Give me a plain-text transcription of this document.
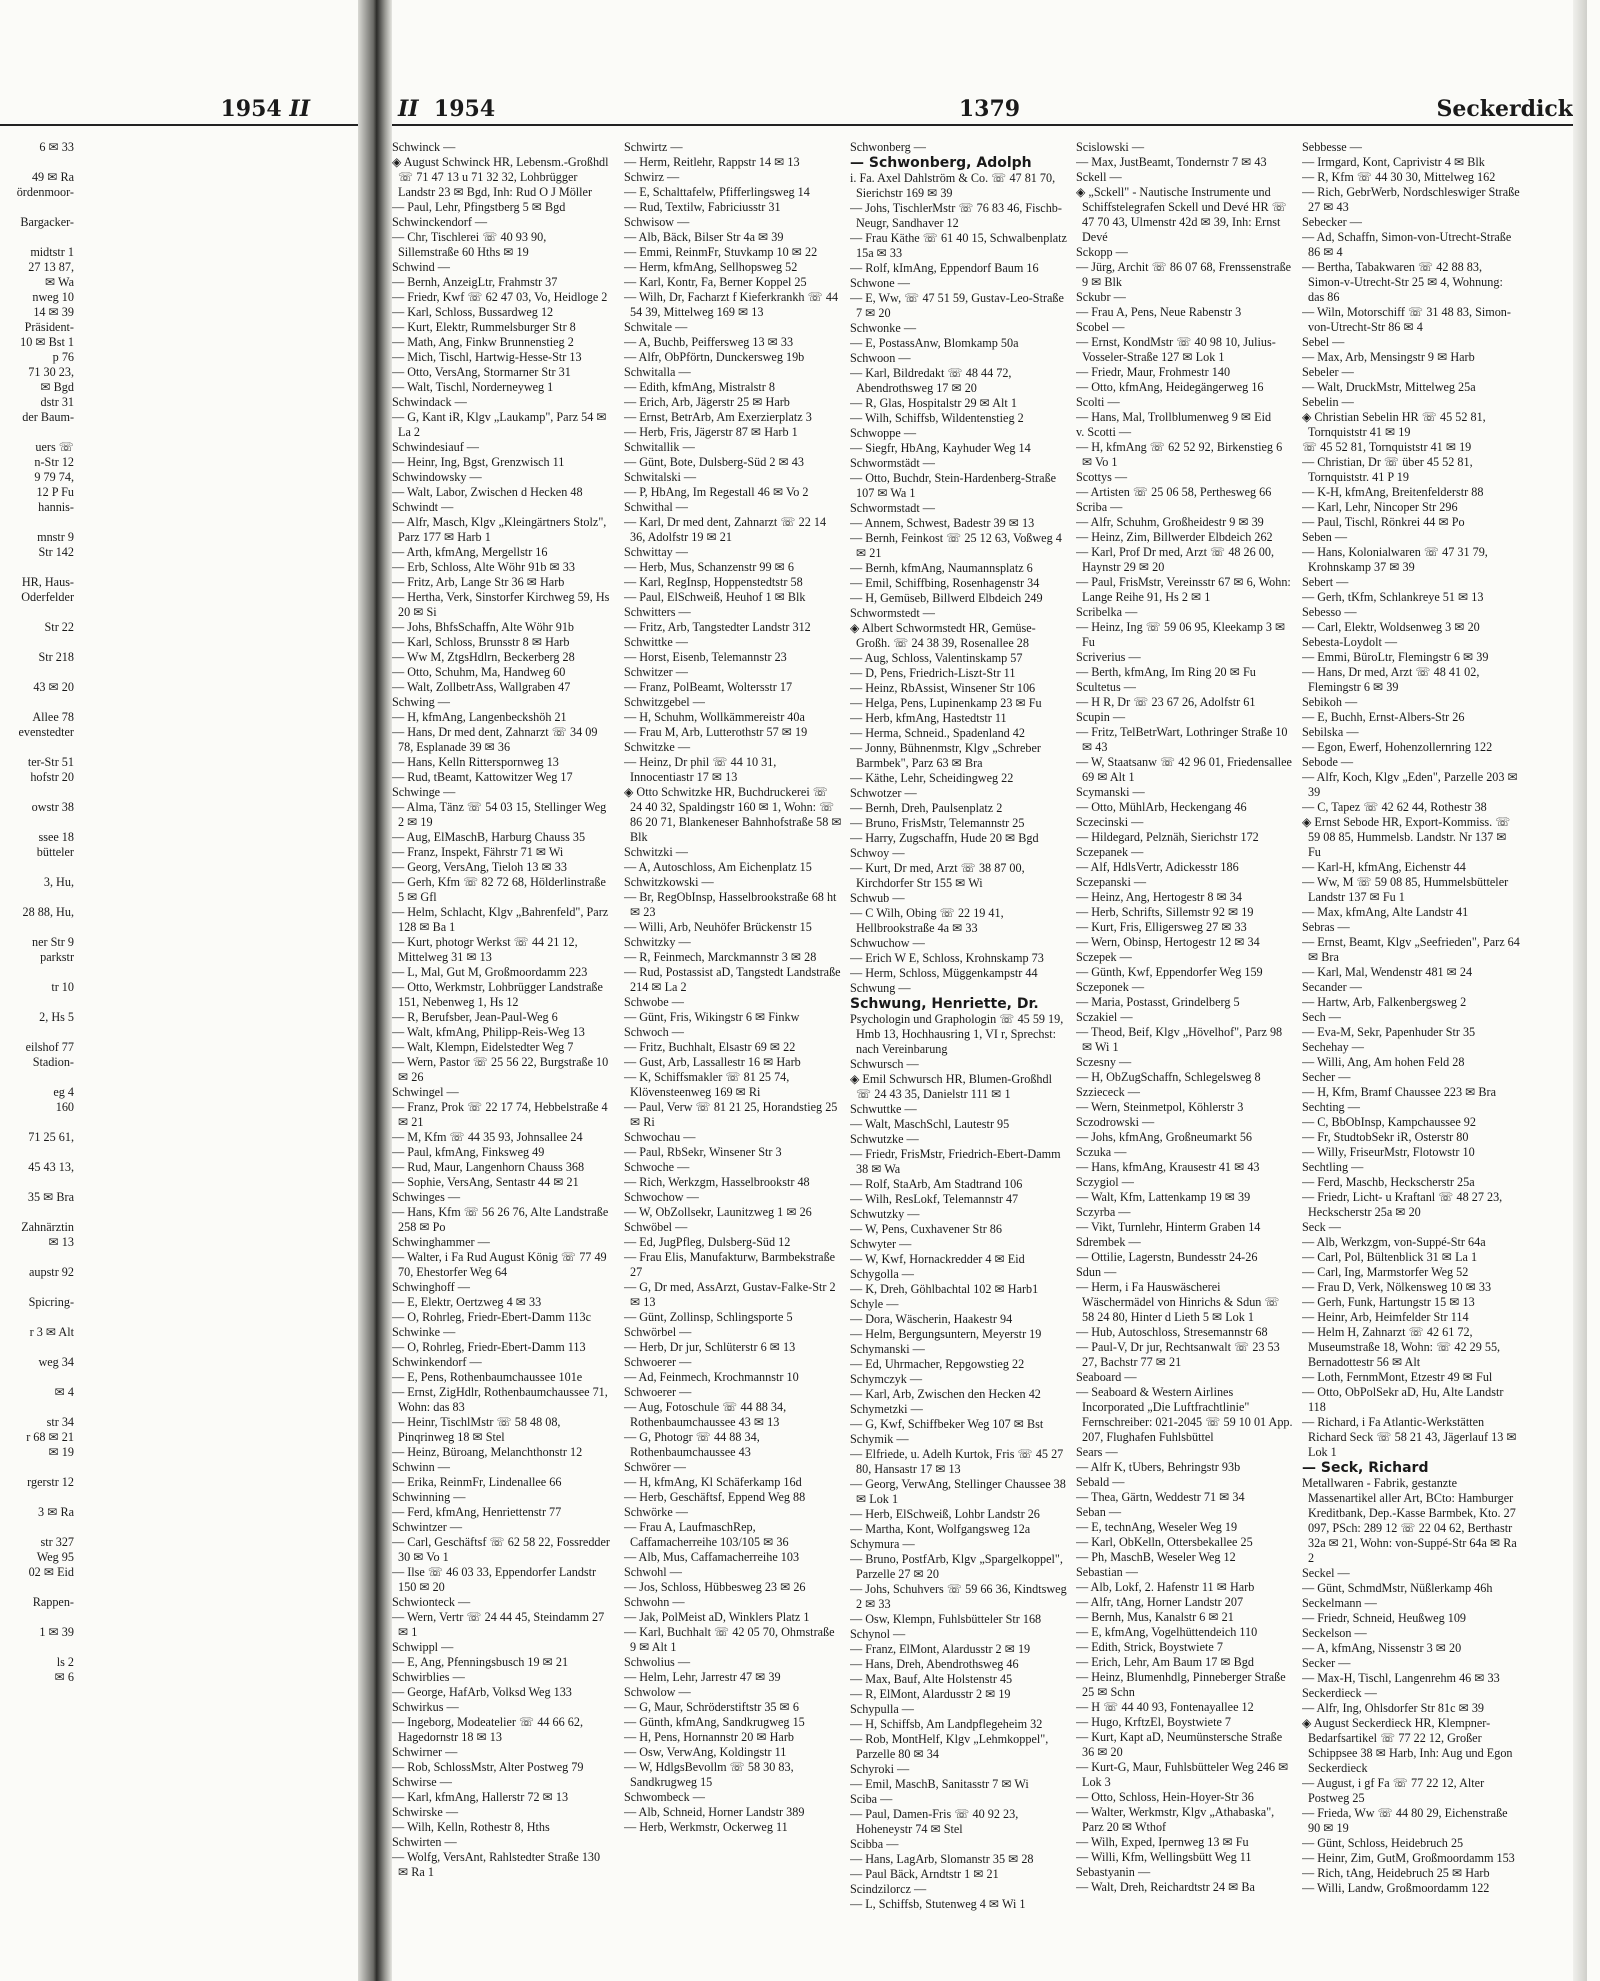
1954 II
6 ✉ 33

49 ✉ Ra
ördenmoor-

Bargacker-

midtstr 1
27 13 87,
✉ Wa
nweg 10
14 ✉ 39
Präsident-
10 ✉ Bst 1
p 76
71 30 23,
✉ Bgd
dstr 31
der Baum-

uers ☏
n-Str 12
9 79 74,
12 P Fu
hannis-

mnstr 9
Str 142

HR, Haus-
Oderfelder

Str 22

Str 218

43 ✉ 20

Allee 78
evenstedter

ter-Str 51
hofstr 20

owstr 38

ssee 18
bütteler

3, Hu,

28 88, Hu,

ner Str 9
parkstr

tr 10

2, Hs 5

eilshof 77
Stadion-

eg 4
160

71 25 61,

45 43 13,

35 ✉ Bra

Zahnärztin
✉ 13

aupstr 92

Spicring-

r 3 ✉ Alt

weg 34

✉ 4

str 34
r 68 ✉ 21
✉ 19

rgerstr 12

3 ✉ Ra

str 327
Weg 95
02 ✉ Eid

Rappen-

1 ✉ 39

ls 2
✉ 6
II 1954	1379	Seckerdick
Schwinck —
◈ August Schwinck HR, Lebensm.-Großhdl ☏ 71 47 13 u 71 32 32, Lohbrügger Landstr 23 ✉ Bgd, Inh: Rud O J Möller
— Paul, Lehr, Pfingstberg 5 ✉ Bgd
Schwinckendorf —
— Chr, Tischlerei ☏ 40 93 90, Sillemstraße 60 Hths ✉ 19
Schwind —
— Bernh, AnzeigLtr, Frahmstr 37
— Friedr, Kwf ☏ 62 47 03, Vo, Heidloge 2
— Karl, Schloss, Bussardweg 12
— Kurt, Elektr, Rummelsburger Str 8
— Math, Ang, Finkw Brunnenstieg 2
— Mich, Tischl, Hartwig-Hesse-Str 13
— Otto, VersAng, Stormarner Str 31
— Walt, Tischl, Norderneyweg 1
Schwindack —
— G, Kant iR, Klgv „Laukamp", Parz 54 ✉ La 2
Schwindesiauf —
— Heinr, Ing, Bgst, Grenzwisch 11
Schwindowsky —
— Walt, Labor, Zwischen d Hecken 48
Schwindt —
— Alfr, Masch, Klgv „Kleingärtners Stolz", Parz 177 ✉ Harb 1
— Arth, kfmAng, Mergellstr 16
— Erb, Schloss, Alte Wöhr 91b ✉ 33
— Fritz, Arb, Lange Str 36 ✉ Harb
— Hertha, Verk, Sinstorfer Kirchweg 59, Hs 20 ✉ Si
— Johs, BhfsSchaffn, Alte Wöhr 91b
— Karl, Schloss, Brunsstr 8 ✉ Harb
— Ww M, ZtgsHdlrn, Beckerberg 28
— Otto, Schuhm, Ma, Handweg 60
— Walt, ZollbetrAss, Wallgraben 47
Schwing —
— H, kfmAng, Langenbeckshöh 21
— Hans, Dr med dent, Zahnarzt ☏ 34 09 78, Esplanade 39 ✉ 36
— Hans, Kelln Ritterspornweg 13
— Rud, tBeamt, Kattowitzer Weg 17
Schwinge —
— Alma, Tänz ☏ 54 03 15, Stellinger Weg 2 ✉ 19
— Aug, ElMaschB, Harburg Chauss 35
— Franz, Inspekt, Fährstr 71 ✉ Wi
— Georg, VersAng, Tieloh 13 ✉ 33
— Gerh, Kfm ☏ 82 72 68, Hölderlinstraße 5 ✉ Gfl
— Helm, Schlacht, Klgv „Bahrenfeld", Parz 128 ✉ Ba 1
— Kurt, photogr Werkst ☏ 44 21 12, Mittelweg 31 ✉ 13
— L, Mal, Gut M, Großmoordamm 223
— Otto, Werkmstr, Lohbrügger Landstraße 151, Nebenweg 1, Hs 12
— R, Berufsber, Jean-Paul-Weg 6
— Walt, kfmAng, Philipp-Reis-Weg 13
— Walt, Klempn, Eidelstedter Weg 7
— Wern, Pastor ☏ 25 56 22, Burgstraße 10 ✉ 26
Schwingel —
— Franz, Prok ☏ 22 17 74, Hebbelstraße 4 ✉ 21
— M, Kfm ☏ 44 35 93, Johnsallee 24
— Paul, kfmAng, Finksweg 49
— Rud, Maur, Langenhorn Chauss 368
— Sophie, VersAng, Sentastr 44 ✉ 21
Schwinges —
— Hans, Kfm ☏ 56 26 76, Alte Landstraße 258 ✉ Po
Schwinghammer —
— Walter, i Fa Rud August König ☏ 77 49 70, Ehestorfer Weg 64
Schwinghoff —
— E, Elektr, Oertzweg 4 ✉ 33
— O, Rohrleg, Friedr-Ebert-Damm 113c
Schwinke —
— O, Rohrleg, Friedr-Ebert-Damm 113
Schwinkendorf —
— E, Pens, Rothenbaumchaussee 101e
— Ernst, ZigHdlr, Rothenbaumchaussee 71, Wohn: das 83
— Heinr, TischlMstr ☏ 58 48 08, Pinqrinweg 18 ✉ Stel
— Heinz, Büroang, Melanchthonstr 12
Schwinn —
— Erika, ReinmFr, Lindenallee 66
Schwinning —
— Ferd, kfmAng, Henriettenstr 77
Schwintzer —
— Carl, Geschäftsf ☏ 62 58 22, Fossredder 30 ✉ Vo 1
— Ilse ☏ 46 03 33, Eppendorfer Landstr 150 ✉ 20
Schwionteck —
— Wern, Vertr ☏ 24 44 45, Steindamm 27 ✉ 1
Schwippl —
— E, Ang, Pfenningsbusch 19 ✉ 21
Schwirblies —
— George, HafArb, Volksd Weg 133
Schwirkus —
— Ingeborg, Modeatelier ☏ 44 66 62, Hagedornstr 18 ✉ 13
Schwirner —
— Rob, SchlossMstr, Alter Postweg 79
Schwirse —
— Karl, kfmAng, Hallerstr 72 ✉ 13
Schwirske —
— Wilh, Kelln, Rothestr 8, Hths
Schwirten —
— Wolfg, VersAnt, Rahlstedter Straße 130 ✉ Ra 1
Schwirtz —
— Herm, Reitlehr, Rappstr 14 ✉ 13
Schwirz —
— E, Schalttafelw, Pfifferlingsweg 14
— Rud, Textilw, Fabriciusstr 31
Schwisow —
— Alb, Bäck, Bilser Str 4a ✉ 39
— Emmi, ReinmFr, Stuvkamp 10 ✉ 22
— Herm, kfmAng, Sellhopsweg 52
— Karl, Kontr, Fa, Berner Koppel 25
— Wilh, Dr, Facharzt f Kieferkrankh ☏ 44 54 39, Mittelweg 169 ✉ 13
Schwitale —
— A, Buchb, Peiffersweg 13 ✉ 33
— Alfr, ObPförtn, Dunckersweg 19b
Schwitalla —
— Edith, kfmAng, Mistralstr 8
— Erich, Arb, Jägerstr 25 ✉ Harb
— Ernst, BetrArb, Am Exerzierplatz 3
— Herb, Fris, Jägerstr 87 ✉ Harb 1
Schwitallik —
— Günt, Bote, Dulsberg-Süd 2 ✉ 43
Schwitalski —
— P, HbAng, Im Regestall 46 ✉ Vo 2
Schwithal —
— Karl, Dr med dent, Zahnarzt ☏ 22 14 36, Adolfstr 19 ✉ 21
Schwittay —
— Herb, Mus, Schanzenstr 99 ✉ 6
— Karl, RegInsp, Hoppenstedtstr 58
— Paul, ElSchweiß, Heuhof 1 ✉ Blk
Schwitters —
— Fritz, Arb, Tangstedter Landstr 312
Schwittke —
— Horst, Eisenb, Telemannstr 23
Schwitzer —
— Franz, PolBeamt, Woltersstr 17
Schwitzgebel —
— H, Schuhm, Wollkämmereistr 40a
— Frau M, Arb, Lutterothstr 57 ✉ 19
Schwitzke —
— Heinz, Dr phil ☏ 44 10 31, Innocentiastr 17 ✉ 13
◈ Otto Schwitzke HR, Buchdruckerei ☏ 24 40 32, Spaldingstr 160 ✉ 1, Wohn: ☏ 86 20 71, Blankeneser Bahnhofstraße 58 ✉ Blk
Schwitzki —
— A, Autoschloss, Am Eichenplatz 15
Schwitzkowski —
— Br, RegObInsp, Hasselbrookstraße 68 ht ✉ 23
— Willi, Arb, Neuhöfer Brückenstr 15
Schwitzky —
— R, Feinmech, Marckmannstr 3 ✉ 28
— Rud, Postassist aD, Tangstedt Landstraße 214 ✉ La 2
Schwobe —
— Günt, Fris, Wikingstr 6 ✉ Finkw
Schwoch —
— Fritz, Buchhalt, Elsastr 69 ✉ 22
— Gust, Arb, Lassallestr 16 ✉ Harb
— K, Schiffsmakler ☏ 81 25 74, Klövensteenweg 169 ✉ Ri
— Paul, Verw ☏ 81 21 25, Horandstieg 25 ✉ Ri
Schwochau —
— Paul, RbSekr, Winsener Str 3
Schwoche —
— Rich, Werkzgm, Hasselbrookstr 48
Schwochow —
— W, ObZollsekr, Launitzweg 1 ✉ 26
Schwöbel —
— Ed, JugPfleg, Dulsberg-Süd 12
— Frau Elis, Manufakturw, Barmbekstraße 27
— G, Dr med, AssArzt, Gustav-Falke-Str 2 ✉ 13
— Günt, Zollinsp, Schlingsporte 5
Schwörbel —
— Herb, Dr jur, Schlüterstr 6 ✉ 13
Schwoerer —
— Ad, Feinmech, Krochmannstr 10
Schwoerer —
— Aug, Fotoschule ☏ 44 88 34, Rothenbaumchaussee 43 ✉ 13
— G, Photogr ☏ 44 88 34, Rothenbaumchaussee 43
Schwörer —
— H, kfmAng, Kl Schäferkamp 16d
— Herb, Geschäftsf, Eppend Weg 88
Schwörke —
— Frau A, LaufmaschRep, Caffamacherreihe 103/105 ✉ 36
— Alb, Mus, Caffamacherreihe 103
Schwohl —
— Jos, Schloss, Hübbesweg 23 ✉ 26
Schwohn —
— Jak, PolMeist aD, Winklers Platz 1
— Karl, Buchhalt ☏ 42 05 70, Ohmstraße 9 ✉ Alt 1
Schwolius —
— Helm, Lehr, Jarrestr 47 ✉ 39
Schwolow —
— G, Maur, Schröderstiftstr 35 ✉ 6
— Günth, kfmAng, Sandkrugweg 15
— H, Pens, Hornannstr 20 ✉ Harb
— Osw, VerwAng, Koldingstr 11
— W, HdlgsBevollm ☏ 58 30 83, Sandkrugweg 15
Schwombeck —
— Alb, Schneid, Horner Landstr 389
— Herb, Werkmstr, Ockerweg 11
Schwonberg —
— Schwonberg, Adolph
i. Fa. Axel Dahlström & Co. ☏ 47 81 70, Sierichstr 169 ✉ 39
— Johs, TischlerMstr ☏ 76 83 46, Fischb-Neugr, Sandhaver 12
— Frau Käthe ☏ 61 40 15, Schwalbenplatz 15a ✉ 33
— Rolf, kImAng, Eppendorf Baum 16
Schwone —
— E, Ww, ☏ 47 51 59, Gustav-Leo-Straße 7 ✉ 20
Schwonke —
— E, PostassAnw, Blomkamp 50a
Schwoon —
— Karl, Bildredakt ☏ 48 44 72, Abendrothsweg 17 ✉ 20
— R, Glas, Hospitalstr 29 ✉ Alt 1
— Wilh, Schiffsb, Wildentenstieg 2
Schwoppe —
— Siegfr, HbAng, Kayhuder Weg 14
Schwormstädt —
— Otto, Buchdr, Stein-Hardenberg-Straße 107 ✉ Wa 1
Schwormstadt —
— Annem, Schwest, Badestr 39 ✉ 13
— Bernh, Feinkost ☏ 25 12 63, Voßweg 4 ✉ 21
— Bernh, kfmAng, Naumannsplatz 6
— Emil, Schiffbing, Rosenhagenstr 34
— H, Gemüseb, Billwerd Elbdeich 249
Schwormstedt —
◈ Albert Schwormstedt HR, Gemüse-Großh. ☏ 24 38 39, Rosenallee 28
— Aug, Schloss, Valentinskamp 57
— D, Pens, Friedrich-Liszt-Str 11
— Heinz, RbAssist, Winsener Str 106
— Helga, Pens, Lupinenkamp 23 ✉ Fu
— Herb, kfmAng, Hastedtstr 11
— Herma, Schneid., Spadenland 42
— Jonny, Bühnenmstr, Klgv „Schreber Barmbek", Parz 63 ✉ Bra
— Käthe, Lehr, Scheidingweg 22
Schwotzer —
— Bernh, Dreh, Paulsenplatz 2
— Bruno, FrisMstr, Telemannstr 25
— Harry, Zugschaffn, Hude 20 ✉ Bgd
Schwoy —
— Kurt, Dr med, Arzt ☏ 38 87 00, Kirchdorfer Str 155 ✉ Wi
Schwub —
— C Wilh, Obing ☏ 22 19 41, Hellbrookstraße 4a ✉ 33
Schwuchow —
— Erich W E, Schloss, Krohnskamp 73
— Herm, Schloss, Müggenkampstr 44
Schwung —
Schwung, Henriette, Dr.
Psychologin und Graphologin ☏ 45 59 19, Hmb 13, Hochhausring 1, VI r, Sprechst: nach Vereinbarung
Schwursch —
◈ Emil Schwursch HR, Blumen-Großhdl ☏ 24 43 35, Danielstr 111 ✉ 1
Schwuttke —
— Walt, MaschSchl, Lautestr 95
Schwutzke —
— Friedr, FrisMstr, Friedrich-Ebert-Damm 38 ✉ Wa
— Rolf, StaArb, Am Stadtrand 106
— Wilh, ResLokf, Telemannstr 47
Schwutzky —
— W, Pens, Cuxhavener Str 86
Schwyter —
— W, Kwf, Hornackredder 4 ✉ Eid
Schygolla —
— K, Dreh, Göhlbachtal 102 ✉ Harb1
Schyle —
— Dora, Wäscherin, Haakestr 94
— Helm, Bergungsuntern, Meyerstr 19
Schymanski —
— Ed, Uhrmacher, Repgowstieg 22
Schymczyk —
— Karl, Arb, Zwischen den Hecken 42
Schymetzki —
— G, Kwf, Schiffbeker Weg 107 ✉ Bst
Schymik —
— Elfriede, u. Adelh Kurtok, Fris ☏ 45 27 80, Hansastr 17 ✉ 13
— Georg, VerwAng, Stellinger Chaussee 38 ✉ Lok 1
— Herb, ElSchweiß, Lohbr Landstr 26
— Martha, Kont, Wolfgangsweg 12a
Schymura —
— Bruno, PostfArb, Klgv „Spargelkoppel", Parzelle 27 ✉ 20
— Johs, Schuhvers ☏ 59 66 36, Kindtsweg 2 ✉ 33
— Osw, Klempn, Fuhlsbütteler Str 168
Schynol —
— Franz, ElMont, Alardusstr 2 ✉ 19
— Hans, Dreh, Abendrothsweg 46
— Max, Bauf, Alte Holstenstr 45
— R, ElMont, Alardusstr 2 ✉ 19
Schypulla —
— H, Schiffsb, Am Landpflegeheim 32
— Rob, MontHelf, Klgv „Lehmkoppel", Parzelle 80 ✉ 34
Schyroki —
— Emil, MaschB, Sanitasstr 7 ✉ Wi
Sciba —
— Paul, Damen-Fris ☏ 40 92 23, Hoheneystr 74 ✉ Stel
Scibba —
— Hans, LagArb, Slomanstr 35 ✉ 28
— Paul Bäck, Arndtstr 1 ✉ 21
Scindzilorcz —
— L, Schiffsb, Stutenweg 4 ✉ Wi 1
Scislowski —
— Max, JustBeamt, Tondernstr 7 ✉ 43
Sckell —
◈ „Sckell" - Nautische Instrumente und Schiffstelegrafen Sckell und Devé HR ☏ 47 70 43, Ulmenstr 42d ✉ 39, Inh: Ernst Devé
Sckopp —
— Jürg, Archit ☏ 86 07 68, Frenssenstraße 9 ✉ Blk
Sckubr —
— Frau A, Pens, Neue Rabenstr 3
Scobel —
— Ernst, KondMstr ☏ 40 98 10, Julius-Vosseler-Straße 127 ✉ Lok 1
— Friedr, Maur, Frohmestr 140
— Otto, kfmAng, Heidegängerweg 16
Scolti —
— Hans, Mal, Trollblumenweg 9 ✉ Eid
v. Scotti —
— H, kfmAng ☏ 62 52 92, Birkenstieg 6 ✉ Vo 1
Scottys —
— Artisten ☏ 25 06 58, Perthesweg 66
Scriba —
— Alfr, Schuhm, Großheidestr 9 ✉ 39
— Heinz, Zim, Billwerder Elbdeich 262
— Karl, Prof Dr med, Arzt ☏ 48 26 00, Haynstr 29 ✉ 20
— Paul, FrisMstr, Vereinsstr 67 ✉ 6, Wohn: Lange Reihe 91, Hs 2 ✉ 1
Scribelka —
— Heinz, Ing ☏ 59 06 95, Kleekamp 3 ✉ Fu
Scriverius —
— Berth, kfmAng, Im Ring 20 ✉ Fu
Scultetus —
— H R, Dr ☏ 23 67 26, Adolfstr 61
Scupin —
— Fritz, TelBetrWart, Lothringer Straße 10 ✉ 43
— W, Staatsanw ☏ 42 96 01, Friedensallee 69 ✉ Alt 1
Scymanski —
— Otto, MühlArb, Heckengang 46
Sczecinski —
— Hildegard, Pelznäh, Sierichstr 172
Sczepanek —
— Alf, HdlsVertr, Adickesstr 186
Sczepanski —
— Heinz, Ang, Hertogestr 8 ✉ 34
— Herb, Schrifts, Sillemstr 92 ✉ 19
— Kurt, Fris, Elligersweg 27 ✉ 33
— Wern, Obinsp, Hertogestr 12 ✉ 34
Sczepek —
— Günth, Kwf, Eppendorfer Weg 159
Sczeponek —
— Maria, Postasst, Grindelberg 5
Sczakiel —
— Theod, Beif, Klgv „Hövelhof", Parz 98 ✉ Wi 1
Sczesny —
— H, ObZugSchaffn, Schlegelsweg 8
Szziececk —
— Wern, Steinmetpol, Köhlerstr 3
Sczodrowski —
— Johs, kfmAng, Großneumarkt 56
Sczuka —
— Hans, kfmAng, Krausestr 41 ✉ 43
Sczygiol —
— Walt, Kfm, Lattenkamp 19 ✉ 39
Sczyrba —
— Vikt, Turnlehr, Hinterm Graben 14
Sdrembek —
— Ottilie, Lagerstn, Bundesstr 24-26
Sdun —
— Herm, i Fa Hauswäscherei Wäschermädel von Hinrichs & Sdun ☏ 58 24 80, Hinter d Lieth 5 ✉ Lok 1
— Hub, Autoschloss, Stresemannstr 68
— Paul-V, Dr jur, Rechtsanwalt ☏ 23 53 27, Bachstr 77 ✉ 21
Seaboard —
— Seaboard & Western Airlines Incorporated „Die Luftfrachtlinie" Fernschreiber: 021-2045 ☏ 59 10 01 App. 207, Flughafen Fuhlsbüttel
Sears —
— Alfr K, tUbers, Behringstr 93b
Sebald —
— Thea, Gärtn, Weddestr 71 ✉ 34
Seban —
— E, technAng, Weseler Weg 19
— Karl, ObKelln, Ottersbekallee 25
— Ph, MaschB, Weseler Weg 12
Sebastian —
— Alb, Lokf, 2. Hafenstr 11 ✉ Harb
— Alfr, tAng, Horner Landstr 207
— Bernh, Mus, Kanalstr 6 ✉ 21
— E, kfmAng, Vogelhüttendeich 110
— Edith, Strick, Boystwiete 7
— Erich, Lehr, Am Baum 17 ✉ Bgd
— Heinz, Blumenhdlg, Pinneberger Straße 25 ✉ Schn
— H ☏ 44 40 93, Fontenayallee 12
— Hugo, KrftzEl, Boystwiete 7
— Kurt, Kapt aD, Neumünstersche Straße 36 ✉ 20
— Kurt-G, Maur, Fuhlsbütteler Weg 246 ✉ Lok 3
— Otto, Schloss, Hein-Hoyer-Str 36
— Walter, Werkmstr, Klgv „Athabaska", Parz 20 ✉ Wthof
— Wilh, Exped, Ipernweg 13 ✉ Fu
— Willi, Kfm, Wellingsbütt Weg 11
Sebastyanin —
— Walt, Dreh, Reichardtstr 24 ✉ Ba
Sebbesse —
— Irmgard, Kont, Caprivistr 4 ✉ Blk
— R, Kfm ☏ 44 30 30, Mittelweg 162
— Rich, GebrWerb, Nordschleswiger Straße 27 ✉ 43
Sebecker —
— Ad, Schaffn, Simon-von-Utrecht-Straße 86 ✉ 4
— Bertha, Tabakwaren ☏ 42 88 83, Simon-v-Utrecht-Str 25 ✉ 4, Wohnung: das 86
— Wiln, Motorschiff ☏ 31 48 83, Simon-von-Utrecht-Str 86 ✉ 4
Sebel —
— Max, Arb, Mensingstr 9 ✉ Harb
Sebeler —
— Walt, DruckMstr, Mittelweg 25a
Sebelin —
◈ Christian Sebelin HR ☏ 45 52 81, Tornquiststr 41 ✉ 19
☏ 45 52 81, Tornquiststr 41 ✉ 19
— Christian, Dr ☏ über 45 52 81, Tornquiststr. 41 P 19
— K-H, kfmAng, Breitenfelderstr 88
— Karl, Lehr, Nincoper Str 296
— Paul, Tischl, Rönkrei 44 ✉ Po
Seben —
— Hans, Kolonialwaren ☏ 47 31 79, Krohnskamp 37 ✉ 39
Sebert —
— Gerh, tKfm, Schlankreye 51 ✉ 13
Sebesso —
— Carl, Elektr, Woldsenweg 3 ✉ 20
Sebesta-Loydolt —
— Emmi, BüroLtr, Flemingstr 6 ✉ 39
— Hans, Dr med, Arzt ☏ 48 41 02, Flemingstr 6 ✉ 39
Sebikoh —
— E, Buchh, Ernst-Albers-Str 26
Sebilska —
— Egon, Ewerf, Hohenzollernring 122
Sebode —
— Alfr, Koch, Klgv „Eden", Parzelle 203 ✉ 39
— C, Tapez ☏ 42 62 44, Rothestr 38
◈ Ernst Sebode HR, Export-Kommiss. ☏ 59 08 85, Hummelsb. Landstr. Nr 137 ✉ Fu
— Karl-H, kfmAng, Eichenstr 44
— Ww, M ☏ 59 08 85, Hummelsbütteler Landstr 137 ✉ Fu 1
— Max, kfmAng, Alte Landstr 41
Sebras —
— Ernst, Beamt, Klgv „Seefrieden", Parz 64 ✉ Bra
— Karl, Mal, Wendenstr 481 ✉ 24
Secander —
— Hartw, Arb, Falkenbergsweg 2
Sech —
— Eva-M, Sekr, Papenhuder Str 35
Sechehay —
— Willi, Ang, Am hohen Feld 28
Secher —
— H, Kfm, Bramf Chaussee 223 ✉ Bra
Sechting —
— C, BbObInsp, Kampchaussee 92
— Fr, StudtobSekr iR, Osterstr 80
— Willy, FriseurMstr, Flotowstr 10
Sechtling —
— Ferd, Maschb, Heckscherstr 25a
— Friedr, Licht- u Kraftanl ☏ 48 27 23, Heckscherstr 25a ✉ 20
Seck —
— Alb, Werkzgm, von-Suppé-Str 64a
— Carl, Pol, Bültenblick 31 ✉ La 1
— Carl, Ing, Marmstorfer Weg 52
— Frau D, Verk, Nölkensweg 10 ✉ 33
— Gerh, Funk, Hartungstr 15 ✉ 13
— Heinr, Arb, Heimfelder Str 114
— Helm H, Zahnarzt ☏ 42 61 72, Museumstraße 18, Wohn: ☏ 42 29 55, Bernadottestr 56 ✉ Alt
— Loth, FernmMont, Etzestr 49 ✉ Ful
— Otto, ObPolSekr aD, Hu, Alte Landstr 118
— Richard, i Fa Atlantic-Werkstätten Richard Seck ☏ 58 21 43, Jägerlauf 13 ✉ Lok 1
— Seck, Richard
Metallwaren - Fabrik, gestanzte Massenartikel aller Art, BCto: Hamburger Kreditbank, Dep.-Kasse Barmbek, Kto. 27 097, PSch: 289 12 ☏ 22 04 62, Berthastr 32a ✉ 21, Wohn: von-Suppé-Str 64a ✉ Ra 2
Seckel —
— Günt, SchmdMstr, Nüßlerkamp 46h
Seckelmann —
— Friedr, Schneid, Heußweg 109
Seckelson —
— A, kfmAng, Nissenstr 3 ✉ 20
Secker —
— Max-H, Tischl, Langenrehm 46 ✉ 33
Seckerdieck —
— Alfr, Ing, Ohlsdorfer Str 81c ✉ 39
◈ August Seckerdieck HR, Klempner-Bedarfsartikel ☏ 77 22 12, Großer Schippsee 38 ✉ Harb, Inh: Aug und Egon Seckerdieck
— August, i gf Fa ☏ 77 22 12, Alter Postweg 25
— Frieda, Ww ☏ 44 80 29, Eichenstraße 90 ✉ 19
— Günt, Schloss, Heidebruch 25
— Heinr, Zim, GutM, Großmoordamm 153
— Rich, tAng, Heidebruch 25 ✉ Harb
— Willi, Landw, Großmoordamm 122
